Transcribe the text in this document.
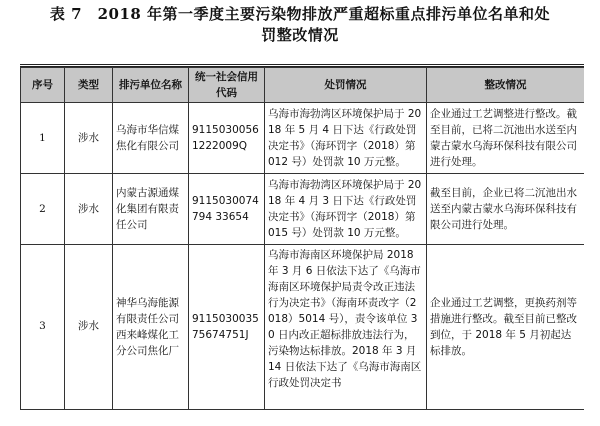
表 7　2018 年第一季度主要污染物排放严重超标重点排污单位名单和处
罚整改情况
序号	类型	排污单位名称	统一社会信用代码	处罚情况	整改情况
1	涉水	乌海市华信煤焦化有限公司	91150300561222009Q	乌海市海勃湾区环境保护局于 2018 年 5 月 4 日下达《行政处罚决定书》（海环罚字（2018）第 012 号）处罚款 10 万元整。	企业通过工艺调整进行整改。截至目前，已将二沉池出水送至内蒙古蒙水乌海环保科技有限公司进行处理。
2	涉水	内蒙古源通煤化集团有限责任公司	9115030074794 33654	乌海市海勃湾区环境保护局于 2018 年 4 月 3 日下达《行政处罚决定书》（海环罚字（2018）第 015 号）处罚款 10 万元整。	截至目前，企业已将二沉池出水送至内蒙古蒙水乌海环保科技有限公司进行处理。
3	涉水	神华乌海能源有限责任公司西来峰煤化工分公司焦化厂	911503003575674751J	乌海市海南区环境保护局 2018 年 3 月 6 日依法下达了《乌海市海南区环境保护局责令改正违法行为决定书》（海南环责改字（2018）5014 号），责令该单位 30 日内改正超标排放违法行为，污染物达标排放。2018 年 3 月 14 日依法下达了《乌海市海南区行政处罚决定书	企业通过工艺调整，更换药剂等措施进行整改。截至目前已整改到位，于 2018 年 5 月初起达标排放。
